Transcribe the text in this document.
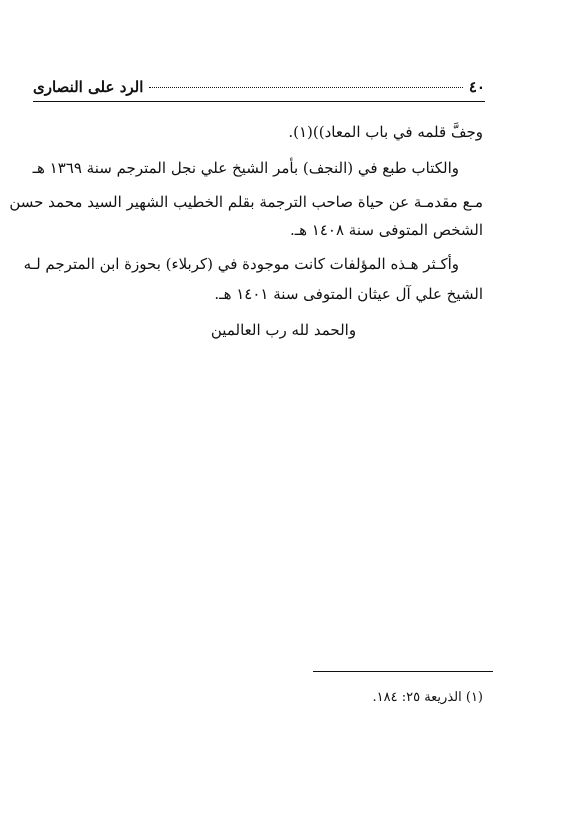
٤٠
الرد على النصارى
وجفَّ قلمه في باب المعاد))(١).
والكتاب طبع في (النجف) بأمر الشيخ علي نجل المترجم سنة ١٣٦٩ هـ
مـع مقدمـة عن حياة صاحب الترجمة بقلم الخطيب الشهير السيد محمد حسن
الشخص المتوفى سنة ١٤٠٨ هـ.
وأكـثر هـذه المؤلفات كانت موجودة في (كربلاء) بحوزة ابن المترجم لـه
الشيخ علي آل عيثان المتوفى سنة ١٤٠١ هـ.
والحمد لله رب العالمين
(١) الذريعة ٢٥: ١٨٤.
